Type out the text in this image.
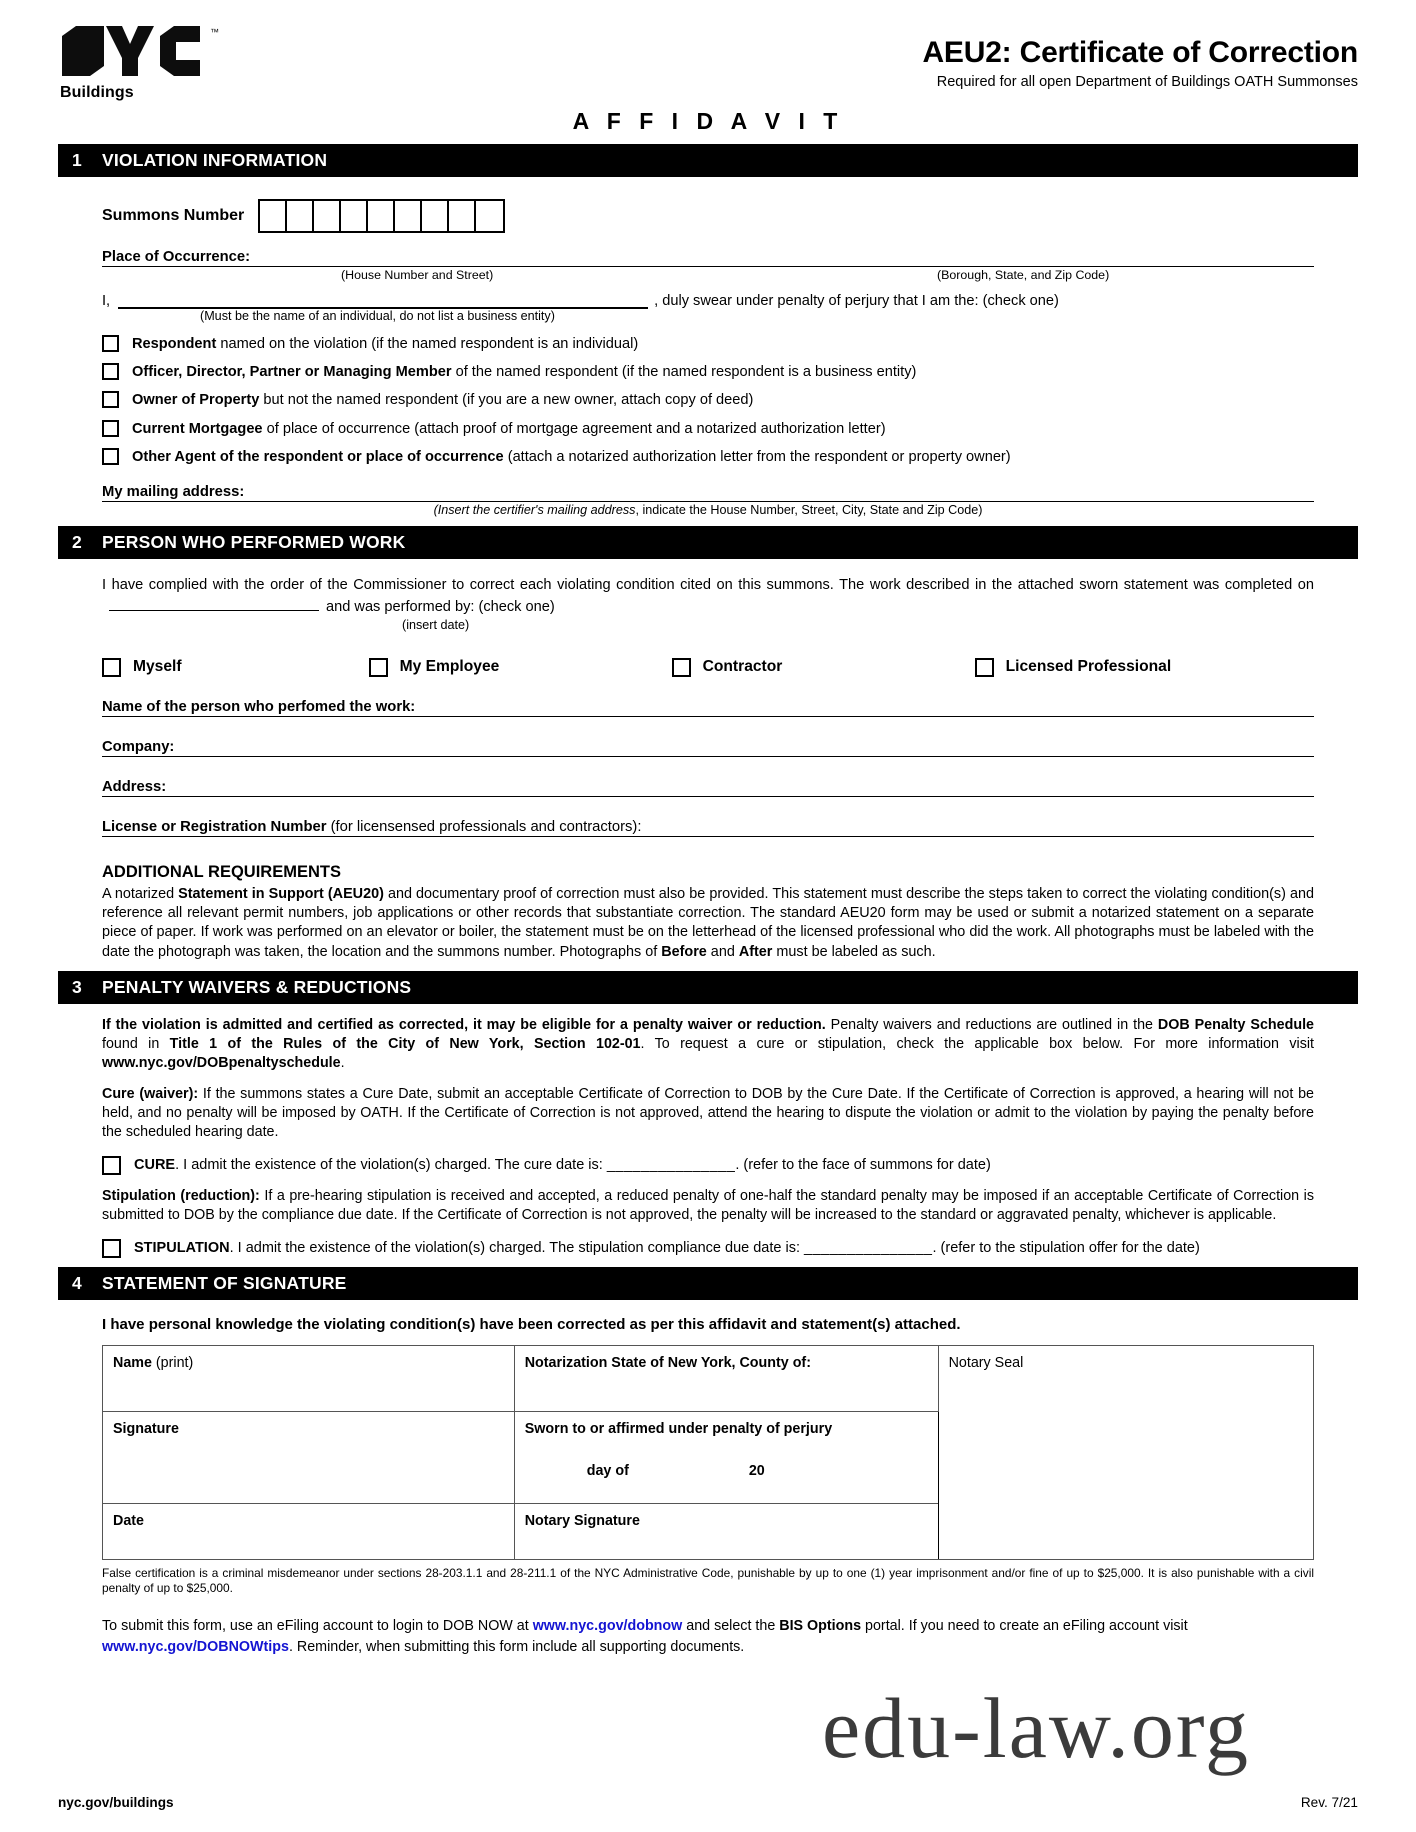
™
Buildings
AEU2: Certificate of Correction
Required for all open Department of Buildings OATH Summonses
A F F I D A V I T
1	VIOLATION INFORMATION
Summons Number
Place of Occurrence:
(House Number and Street)	(Borough, State, and Zip Code)
I,	, duly swear under penalty of perjury that I am the: (check one)
(Must be the name of an individual, do not list a business entity)
Respondent named on the violation (if the named respondent is an individual)
Officer, Director, Partner or Managing Member of the named respondent (if the named respondent is a business entity)
Owner of Property but not the named respondent (if you are a new owner, attach copy of deed)
Current Mortgagee of place of occurrence (attach proof of mortgage agreement and a notarized authorization letter)
Other Agent of the respondent or place of occurrence (attach a notarized authorization letter from the respondent or property owner)
My mailing address:
(Insert the certifier's mailing address, indicate the House Number, Street, City, State and Zip Code)
2	PERSON WHO PERFORMED WORK
I have complied with the order of the Commissioner to correct each violating condition cited on this summons. The work described in the attached sworn statement was completed onand was performed by: (check one)
(insert date)
Myself	My Employee	Contractor	Licensed Professional
Name of the person who perfomed the work:
Company:
Address:
License or Registration Number (for licensensed professionals and contractors):
ADDITIONAL REQUIREMENTS
A notarized Statement in Support (AEU20) and documentary proof of correction must also be provided. This statement must describe the steps taken to correct the violating condition(s) and reference all relevant permit numbers, job applications or other records that substantiate correction. The standard AEU20 form may be used or submit a notarized statement on a separate piece of paper. If work was performed on an elevator or boiler, the statement must be on the letterhead of the licensed professional who did the work. All photographs must be labeled with the date the photograph was taken, the location and the summons number. Photographs of Before and After must be labeled as such.
3	PENALTY WAIVERS & REDUCTIONS
If the violation is admitted and certified as corrected, it may be eligible for a penalty waiver or reduction. Penalty waivers and reductions are outlined in the DOB Penalty Schedule found in Title 1 of the Rules of the City of New York, Section 102-01. To request a cure or stipulation, check the applicable box below. For more information visit www.nyc.gov/DOBpenaltyschedule.
Cure (waiver): If the summons states a Cure Date, submit an acceptable Certificate of Correction to DOB by the Cure Date. If the Certificate of Correction is approved, a hearing will not be held, and no penalty will be imposed by OATH. If the Certificate of Correction is not approved, attend the hearing to dispute the violation or admit to the violation by paying the penalty before the scheduled hearing date.
CURE. I admit the existence of the violation(s) charged. The cure date is: _______________. (refer to the face of summons for date)
Stipulation (reduction): If a pre-hearing stipulation is received and accepted, a reduced penalty of one-half the standard penalty may be imposed if an acceptable Certificate of Correction is submitted to DOB by the compliance due date. If the Certificate of Correction is not approved, the penalty will be increased to the standard or aggravated penalty, whichever is applicable.
STIPULATION. I admit the existence of the violation(s) charged. The stipulation compliance due date is: _______________. (refer to the stipulation offer for the date)
4	STATEMENT OF SIGNATURE
I have personal knowledge the violating condition(s) have been corrected as per this affidavit and statement(s) attached.
Name (print)	Notarization State of New York, County of:	Notary Seal
Signature	Sworn to or affirmed under penalty of perjury
day of 20	

Date	Notary Signature	
False certification is a criminal misdemeanor under sections 28-203.1.1 and 28-211.1 of the NYC Administrative Code, punishable by up to one (1) year imprisonment and/or fine of up to $25,000. It is also punishable with a civil penalty of up to $25,000.
To submit this form, use an eFiling account to login to DOB NOW at www.nyc.gov/dobnow and select the BIS Options portal. If you need to create an eFiling account visit www.nyc.gov/DOBNOWtips. Reminder, when submitting this form include all supporting documents.
edu-law.org
nyc.gov/buildings	Rev. 7/21
